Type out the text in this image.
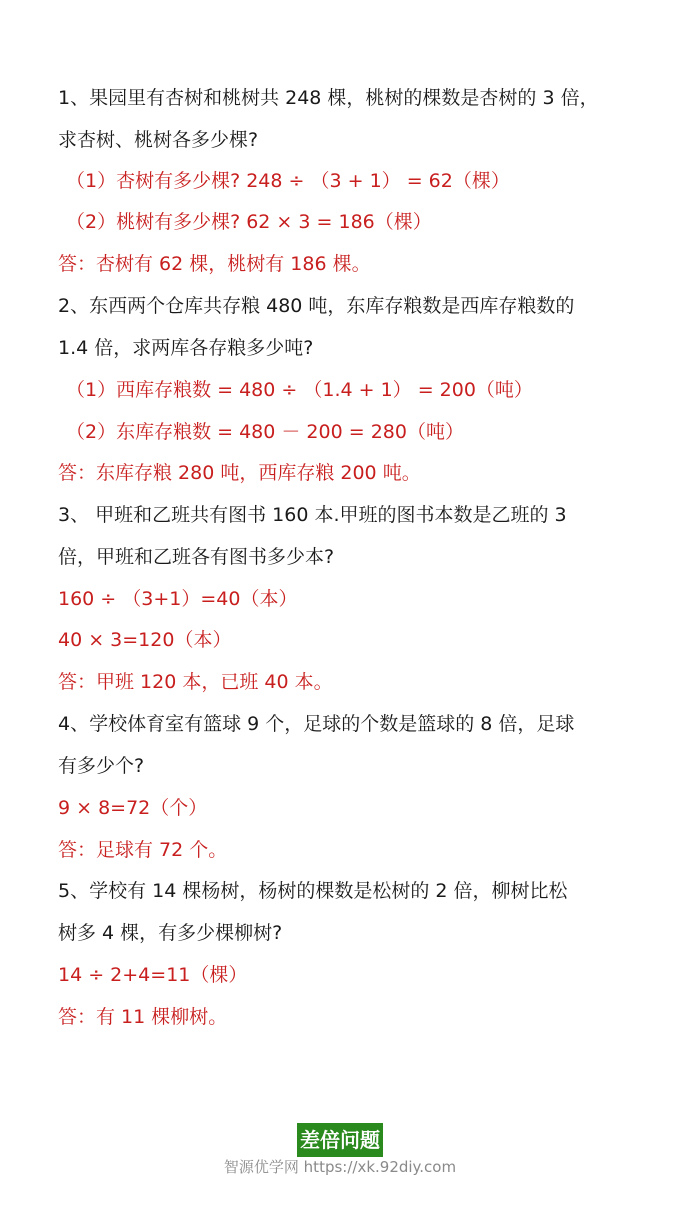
1、果园里有杏树和桃树共 248 棵，桃树的棵数是杏树的 3 倍，
求杏树、桃树各多少棵?
（1）杏树有多少棵? 248 ÷ （3 + 1） = 62（棵）
（2）桃树有多少棵? 62 × 3 = 186（棵）
答：杏树有 62 棵，桃树有 186 棵。
2、东西两个仓库共存粮 480 吨，东库存粮数是西库存粮数的
1.4 倍，求两库各存粮多少吨?
（1）西库存粮数 = 480 ÷ （1.4 + 1） = 200（吨）
（2）东库存粮数 = 480 － 200 = 280（吨）
答：东库存粮 280 吨，西库存粮 200 吨。
3、 甲班和乙班共有图书 160 本.甲班的图书本数是乙班的 3
倍，甲班和乙班各有图书多少本?
160 ÷ （3+1）=40（本）
40 × 3=120（本）
答：甲班 120 本，已班 40 本。
4、学校体育室有篮球 9 个，足球的个数是篮球的 8 倍，足球
有多少个?
9 × 8=72（个）
答：足球有 72 个。
5、学校有 14 棵杨树，杨树的棵数是松树的 2 倍，柳树比松
树多 4 棵，有多少棵柳树?
14 ÷ 2+4=11（棵）
答：有 11 棵柳树。
差倍问题
智源优学网 https://xk.92diy.com
